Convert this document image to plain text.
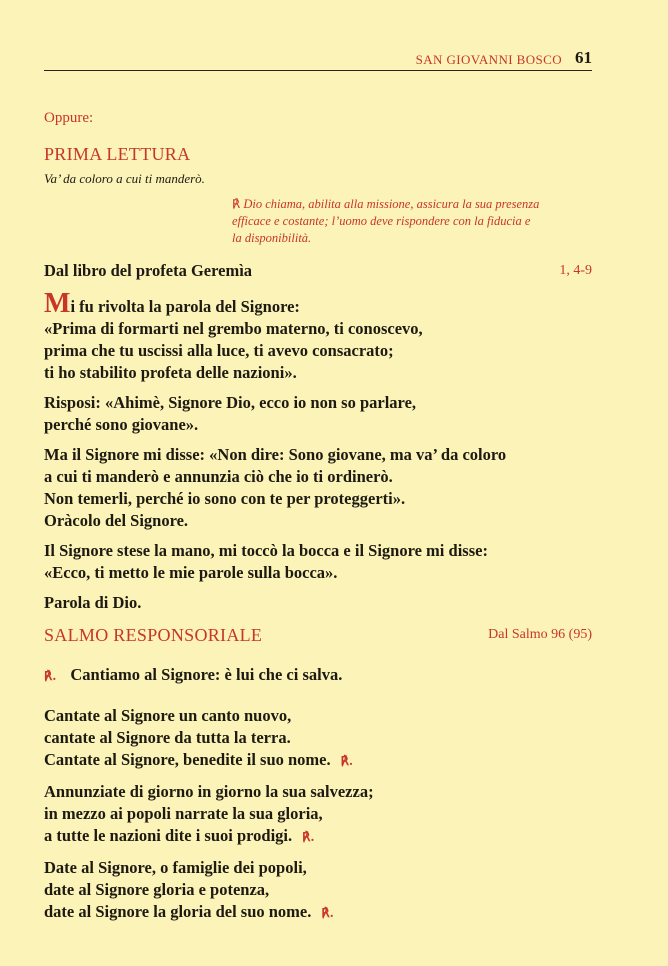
SAN GIOVANNI BOSCO 61
Oppure:
PRIMA LETTURA
Va’ da coloro a cui ti manderò.
℟ Dio chiama, abilita alla missione, assicura la sua presenza
efficace e costante; l’uomo deve rispondere con la fiducia e
la disponibilità.
Dal libro del profeta Geremìa	1, 4-9

Mi fu rivolta la parola del Signore:
«Prima di formarti nel grembo materno, ti conoscevo,
prima che tu uscissi alla luce, ti avevo consacrato;
ti ho stabilito profeta delle nazioni».

Risposi: «Ahimè, Signore Dio, ecco io non so parlare,
perché sono giovane».

Ma il Signore mi disse: «Non dire: Sono giovane, ma va’ da coloro
a cui ti manderò e annunzia ciò che io ti ordinerò.
Non temerli, perché io sono con te per proteggerti».
Oràcolo del Signore.

Il Signore stese la mano, mi toccò la bocca e il Signore mi disse:
«Ecco, ti metto le mie parole sulla bocca».

Parola di Dio.

SALMO RESPONSORIALE	Dal Salmo 96 (95)

℟. Cantiamo al Signore: è lui che ci salva.

Cantate al Signore un canto nuovo,
cantate al Signore da tutta la terra.
Cantate al Signore, benedite il suo nome. ℟.

Annunziate di giorno in giorno la sua salvezza;
in mezzo ai popoli narrate la sua gloria,
a tutte le nazioni dite i suoi prodigi. ℟.

Date al Signore, o famiglie dei popoli,
date al Signore gloria e potenza,
date al Signore la gloria del suo nome. ℟.
